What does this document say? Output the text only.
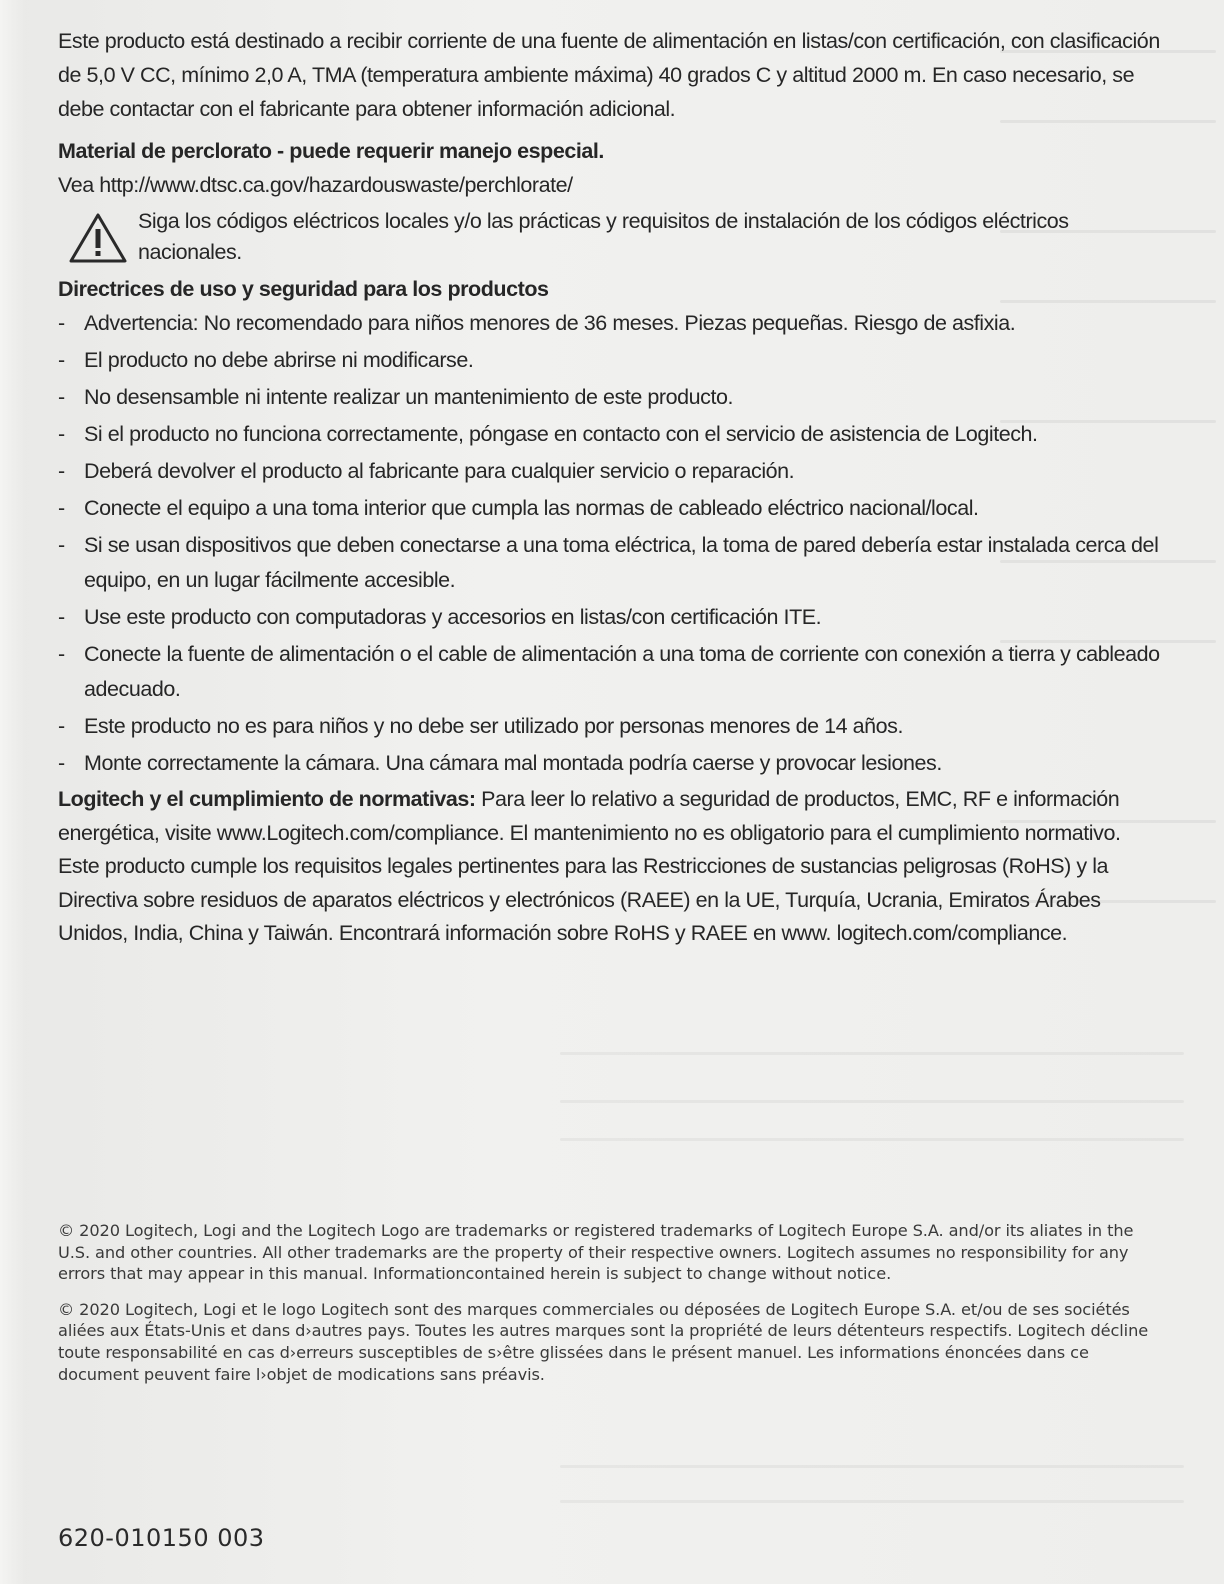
Este producto está destinado a recibir corriente de una fuente de alimentación en listas/con certificación, con clasificación de 5,0 V CC, mínimo 2,0 A, TMA (temperatura ambiente máxima) 40 grados C y altitud 2000 m. En caso necesario, se debe contactar con el fabricante para obtener información adicional.

Material de perclorato - puede requerir manejo especial.

Vea http://www.dtsc.ca.gov/hazardouswaste/perchlorate/

Siga los códigos eléctricos locales y/o las prácticas y requisitos de instalación de los códigos eléctricos nacionales.

Directrices de uso y seguridad para los productos

- Advertencia: No recomendado para niños menores de 36 meses. Piezas pequeñas. Riesgo de asfixia.
- El producto no debe abrirse ni modificarse.
- No desensamble ni intente realizar un mantenimiento de este producto.
- Si el producto no funciona correctamente, póngase en contacto con el servicio de asistencia de Logitech.
- Deberá devolver el producto al fabricante para cualquier servicio o reparación.
- Conecte el equipo a una toma interior que cumpla las normas de cableado eléctrico nacional/local.
- Si se usan dispositivos que deben conectarse a una toma eléctrica, la toma de pared debería estar instalada cerca del equipo, en un lugar fácilmente accesible.
- Use este producto con computadoras y accesorios en listas/con certificación ITE.
- Conecte la fuente de alimentación o el cable de alimentación a una toma de corriente con conexión a tierra y cableado adecuado.
- Este producto no es para niños y no debe ser utilizado por personas menores de 14 años.
- Monte correctamente la cámara. Una cámara mal montada podría caerse y provocar lesiones.

Logitech y el cumplimiento de normativas: Para leer lo relativo a seguridad de productos, EMC, RF e información energética, visite www.Logitech.com/compliance. El mantenimiento no es obligatorio para el cumplimiento normativo.

Este producto cumple los requisitos legales pertinentes para las Restricciones de sustancias peligrosas (RoHS) y la Directiva sobre residuos de aparatos eléctricos y electrónicos (RAEE) en la UE, Turquía, Ucrania, Emiratos Árabes Unidos, India, China y Taiwán. Encontrará información sobre RoHS y RAEE en www. logitech.com/compliance.

© 2020 Logitech, Logi and the Logitech Logo are trademarks or registered trademarks of Logitech Europe S.A. and/or its aliates in the U.S. and other countries. All other trademarks are the property of their respective owners. Logitech assumes no responsibility for any errors that may appear in this manual. Informationcontained herein is subject to change without notice.

© 2020 Logitech, Logi et le logo Logitech sont des marques commerciales ou déposées de Logitech Europe S.A. et/ou de ses sociétés aliées aux États-Unis et dans d›autres pays. Toutes les autres marques sont la propriété de leurs détenteurs respectifs. Logitech décline toute responsabilité en cas d›erreurs susceptibles de s›être glissées dans le présent manuel. Les informations énoncées dans ce document peuvent faire l›objet de modications sans préavis.

620-010150 003
